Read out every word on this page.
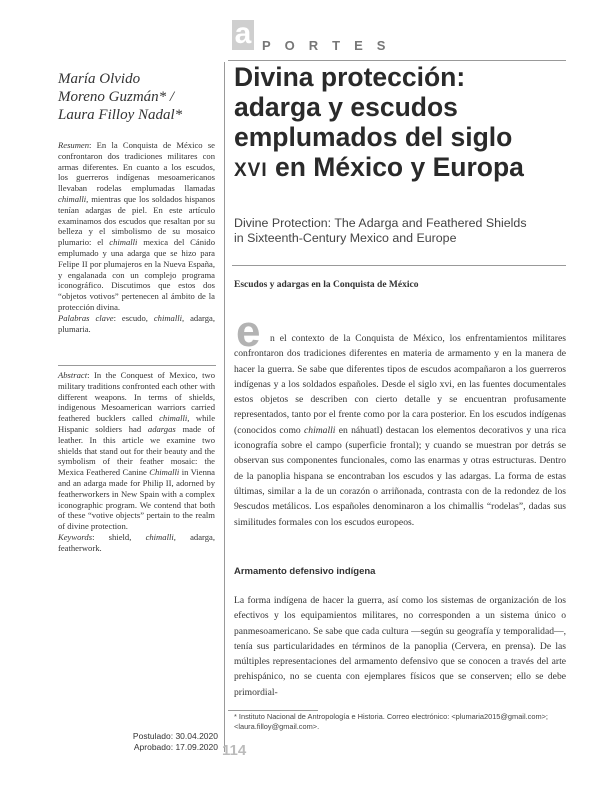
a PORTES
María Olvido
Moreno Guzmán* /
Laura Filloy Nadal*
Resumen: En la Conquista de México se confrontaron dos tradiciones militares con armas diferentes. En cuanto a los escudos, los guerreros indígenas mesoamericanos llevaban rodelas emplumadas llamadas chimalli, mientras que los soldados hispanos tenían adargas de piel. En este artículo examinamos dos escudos que resaltan por su belleza y el simbolismo de su mosaico plumario: el chimalli mexica del Cánido emplumado y una adarga que se hizo para Felipe II por plumajeros en la Nueva España, y engalanada con un complejo programa iconográfico. Discutimos que estos dos “objetos votivos” pertenecen al ámbito de la protección divina.
Palabras clave: escudo, chimalli, adarga, plumaria.
Abstract: In the Conquest of Mexico, two military traditions confronted each other with different weapons. In terms of shields, indigenous Mesoamerican warriors carried feathered bucklers called chimalli, while Hispanic soldiers had adargas made of leather. In this article we examine two shields that stand out for their beauty and the symbolism of their feather mosaic: the Mexica Feathered Canine Chimalli in Vienna and an adarga made for Philip II, adorned by featherworkers in New Spain with a complex iconographic program. We contend that both of these “votive objects” pertain to the realm of divine protection.
Keywords: shield, chimalli, adarga, featherwork.
Postulado: 30.04.2020
Aprobado: 17.09.2020 114
Divina protección:
adarga y escudos
emplumados del siglo
XVI en México y Europa
Divine Protection: The Adarga and Feathered Shields
in Sixteenth-Century Mexico and Europe
Escudos y adargas en la Conquista de México
e n el contexto de la Conquista de México, los enfrentamientos militares confrontaron dos tradiciones diferentes en materia de armamento y en la manera de hacer la guerra. Se sabe que diferentes tipos de escudos acompañaron a los guerreros indígenas y a los soldados españoles. Desde el siglo xvi, en las fuentes documentales estos objetos se describen con cierto detalle y se encuentran profusamente representados, tanto por el frente como por la cara posterior. En los escudos indígenas (conocidos como chimalli en náhuatl) destacan los elementos decorativos y una rica iconografía sobre el campo (superficie frontal); y cuando se muestran por detrás se observan sus componentes funcionales, como las enarmas y otras estructuras. Dentro de la panoplia hispana se encontraban los escudos y las adargas. La forma de estas últimas, similar a la de un corazón o arriñonada, contrasta con de la redondez de los 9escudos metálicos. Los españoles denominaron a los chimallis “rodelas”, dadas sus similitudes formales con los escudos europeos.
Armamento defensivo indígena
La forma indígena de hacer la guerra, así como los sistemas de organización de los efectivos y los equipamientos militares, no corresponden a un sistema único o panmesoamericano. Se sabe que cada cultura —según su geografía y temporalidad—, tenía sus particularidades en términos de la panoplia (Cervera, en prensa). De las múltiples representaciones del armamento defensivo que se conocen a través del arte prehispánico, no se cuenta con ejemplares físicos que se conserven; ello se debe primordial-
* Instituto Nacional de Antropología e Historia. Correo electrónico: <plumaria2015@gmail.com>; <laura.filloy@gmail.com>.
